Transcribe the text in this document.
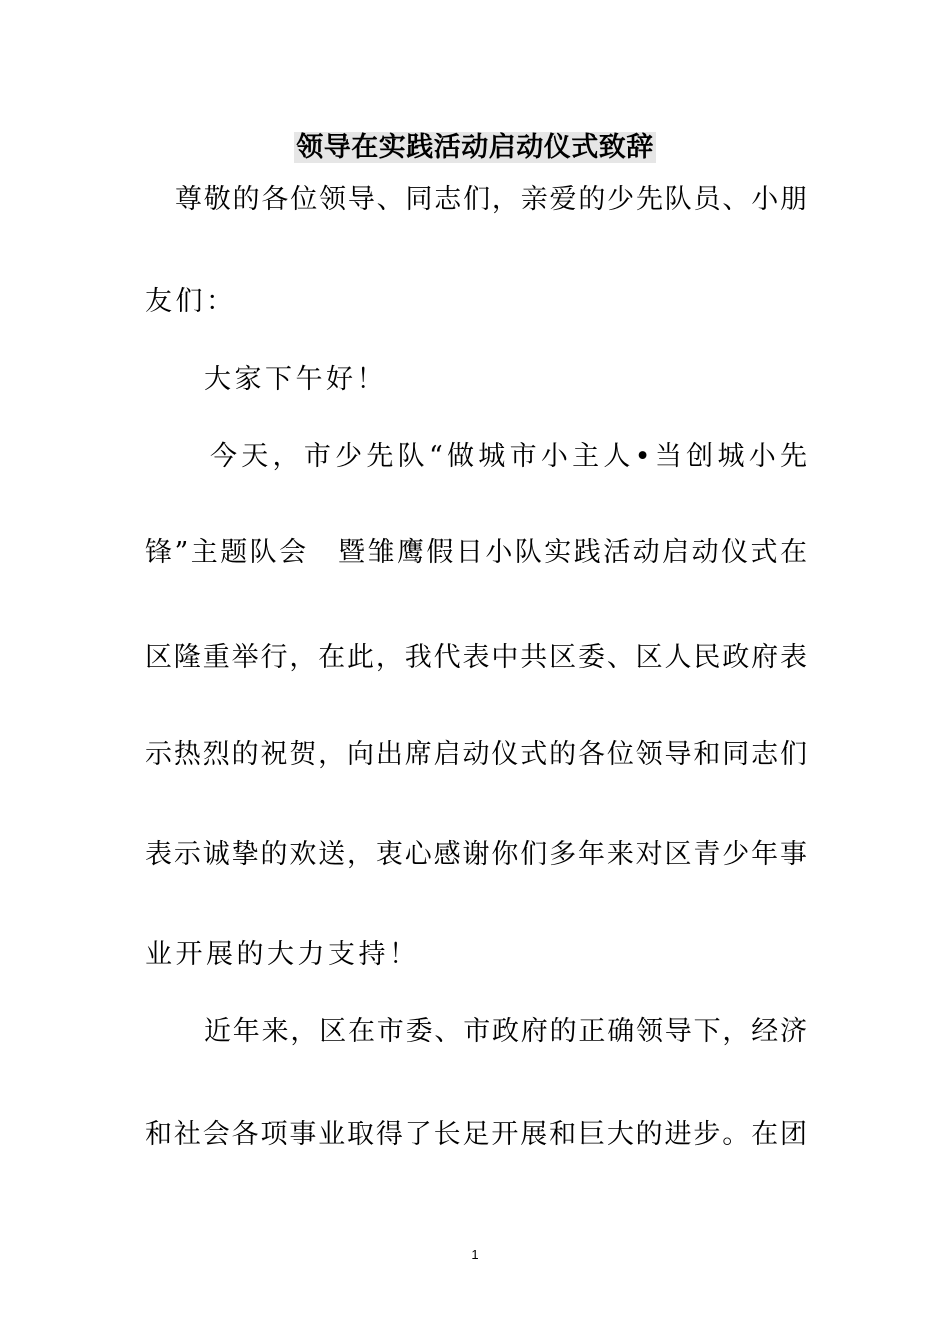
领导在实践活动启动仪式致辞
尊敬的各位领导、同志们，亲爱的少先队员、小朋
友们：
大家下午好！
今天，市少先队“做城市小主人•当创城小先
锋”主题队会　暨雏鹰假日小队实践活动启动仪式在
区隆重举行，在此，我代表中共区委、区人民政府表
示热烈的祝贺，向出席启动仪式的各位领导和同志们
表示诚挚的欢送，衷心感谢你们多年来对区青少年事
业开展的大力支持！
近年来，区在市委、市政府的正确领导下，经济
和社会各项事业取得了长足开展和巨大的进步。在团
1
